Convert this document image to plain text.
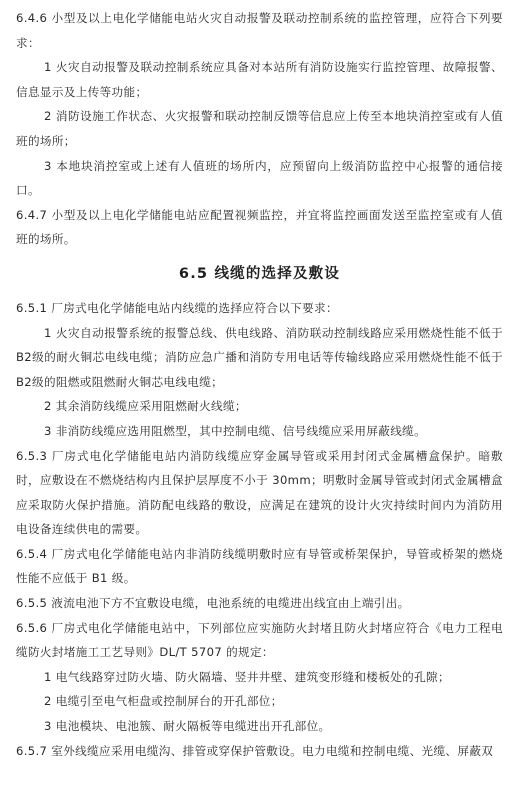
6.4.6 小型及以上电化学储能电站火灾自动报警及联动控制系统的监控管理，应符合下列要求：

1 火灾自动报警及联动控制系统应具备对本站所有消防设施实行监控管理、故障报警、信息显示及上传等功能；

2 消防设施工作状态、火灾报警和联动控制反馈等信息应上传至本地块消控室或有人值班的场所；

3 本地块消控室或上述有人值班的场所内，应预留向上级消防监控中心报警的通信接口。

6.4.7 小型及以上电化学储能电站应配置视频监控，并宜将监控画面发送至监控室或有人值班的场所。

6.5 线缆的选择及敷设

6.5.1 厂房式电化学储能电站内线缆的选择应符合以下要求：

1 火灾自动报警系统的报警总线、供电线路、消防联动控制线路应采用燃烧性能不低于B2级的耐火铜芯电线电缆；消防应急广播和消防专用电话等传输线路应采用燃烧性能不低于B2级的阻燃或阻燃耐火铜芯电线电缆；

2 其余消防线缆应采用阻燃耐火线缆；

3 非消防线缆应选用阻燃型，其中控制电缆、信号线缆应采用屏蔽线缆。

6.5.3 厂房式电化学储能电站内消防线缆应穿金属导管或采用封闭式金属槽盒保护。暗敷时，应敷设在不燃烧结构内且保护层厚度不小于 30mm；明敷时金属导管或封闭式金属槽盒应采取防火保护措施。消防配电线路的敷设，应满足在建筑的设计火灾持续时间内为消防用电设备连续供电的需要。

6.5.4 厂房式电化学储能电站内非消防线缆明敷时应有导管或桥架保护，导管或桥架的燃烧性能不应低于 B1 级。

6.5.5 液流电池下方不宜敷设电缆，电池系统的电缆进出线宜由上端引出。

6.5.6 厂房式电化学储能电站中，下列部位应实施防火封堵且防火封堵应符合《电力工程电缆防火封堵施工工艺导则》DL/T 5707 的规定：

1 电气线路穿过防火墙、防火隔墙、竖井井壁、建筑变形缝和楼板处的孔隙；

2 电缆引至电气柜盘或控制屏台的开孔部位；

3 电池模块、电池簇、耐火隔板等电缆进出开孔部位。

6.5.7 室外线缆应采用电缆沟、排管或穿保护管敷设。电力电缆和控制电缆、光缆、屏蔽双
